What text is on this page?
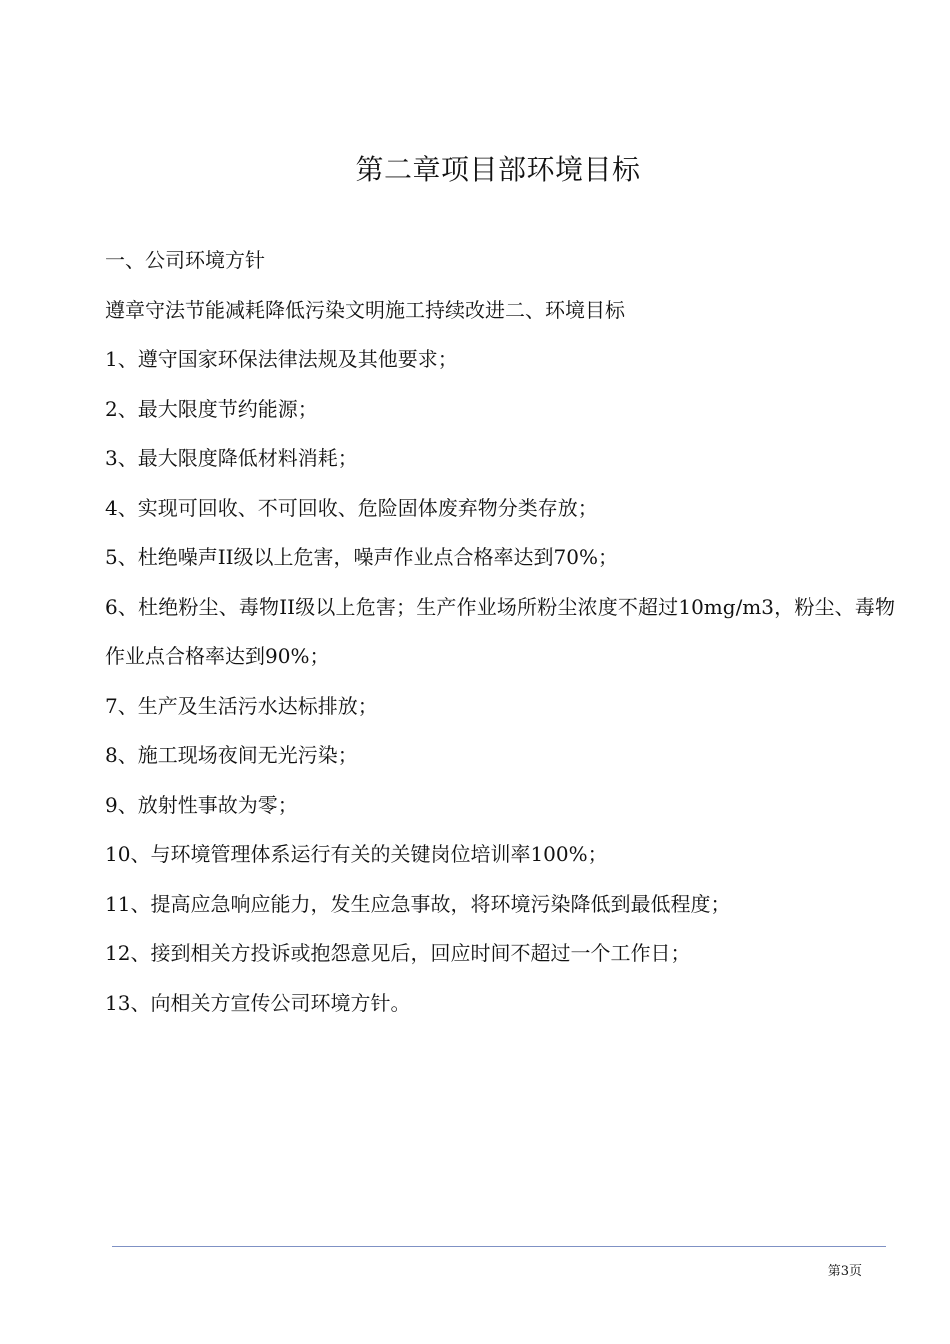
第二章项目部环境目标

一、公司环境方针

遵章守法节能减耗降低污染文明施工持续改进二、环境目标

1、遵守国家环保法律法规及其他要求；

2、最大限度节约能源；

3、最大限度降低材料消耗；

4、实现可回收、不可回收、危险固体废弃物分类存放；

5、杜绝噪声II级以上危害，噪声作业点合格率达到70%；

6、杜绝粉尘、毒物II级以上危害；生产作业场所粉尘浓度不超过10mg/m3，粉尘、毒物作业点合格率达到90%；

7、生产及生活污水达标排放；

8、施工现场夜间无光污染；

9、放射性事故为零；

10、与环境管理体系运行有关的关键岗位培训率100%；

11、提高应急响应能力，发生应急事故，将环境污染降低到最低程度；

12、接到相关方投诉或抱怨意见后，回应时间不超过一个工作日；

13、向相关方宣传公司环境方针。

第3页
